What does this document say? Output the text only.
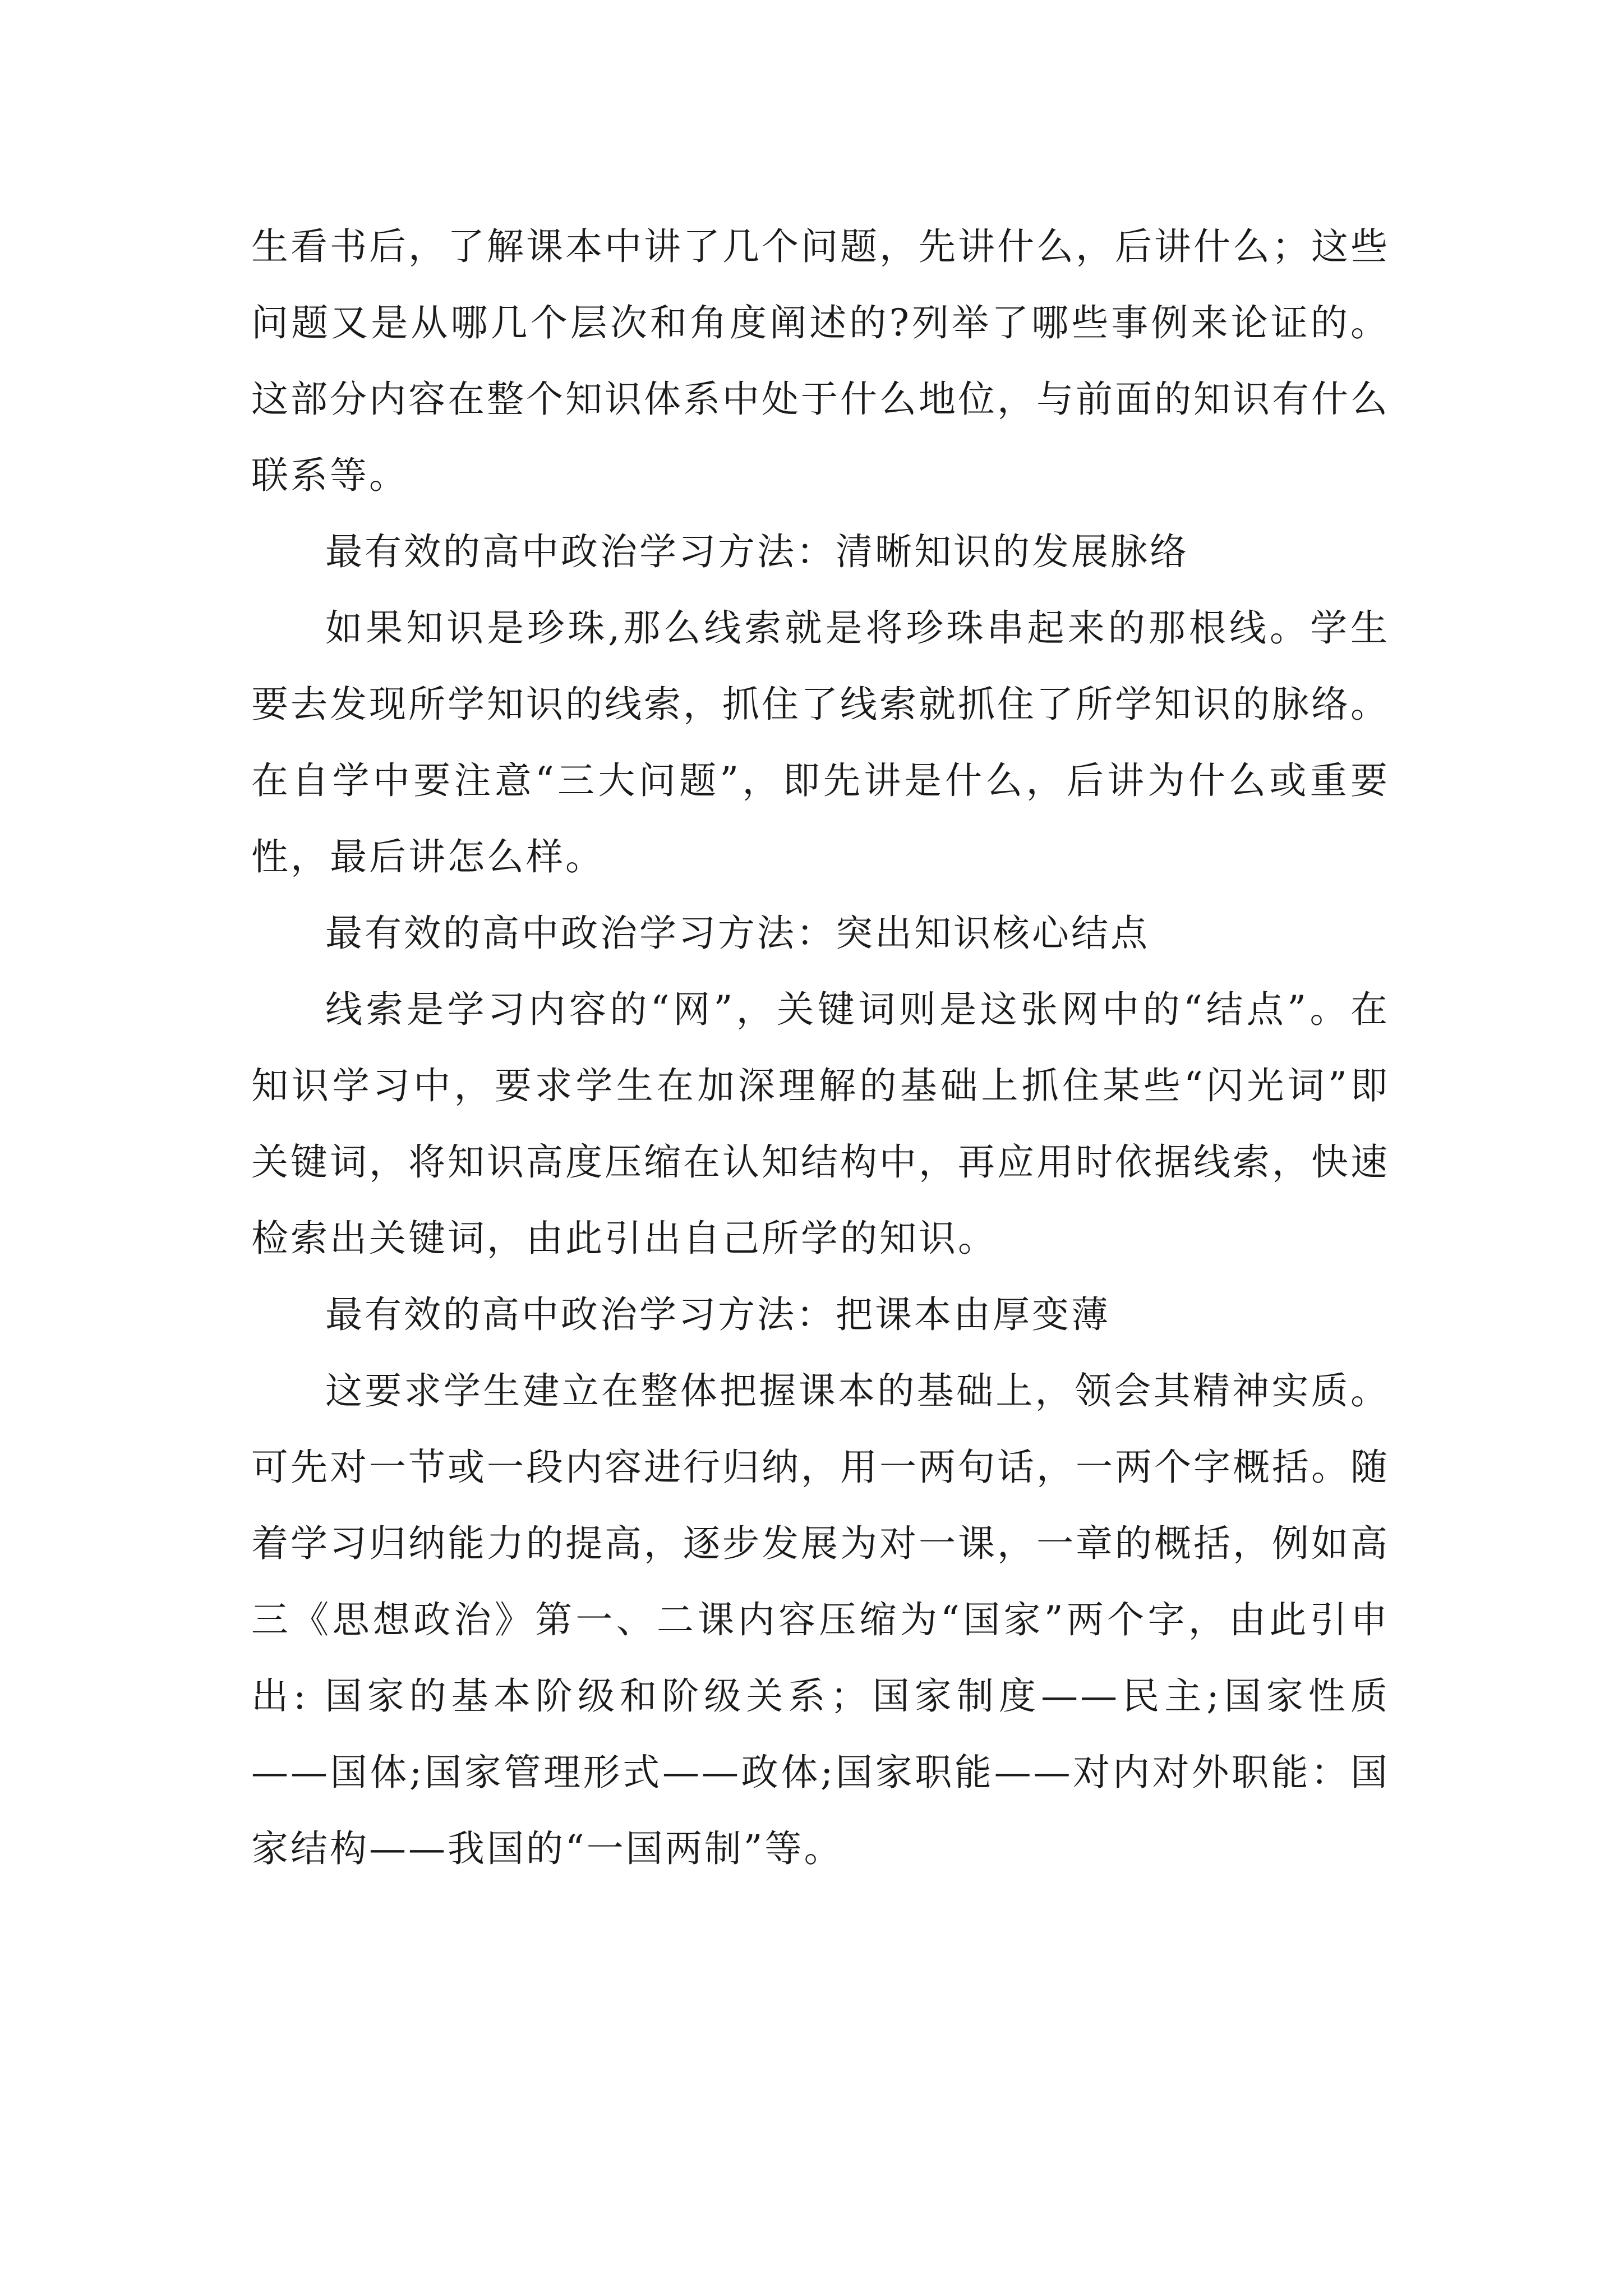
生看书后，了解课本中讲了几个问题，先讲什么，后讲什么；这些问题又是从哪几个层次和角度阐述的?列举了哪些事例来论证的。这部分内容在整个知识体系中处于什么地位，与前面的知识有什么联系等。

最有效的高中政治学习方法：清晰知识的发展脉络

如果知识是珍珠,那么线索就是将珍珠串起来的那根线。学生要去发现所学知识的线索，抓住了线索就抓住了所学知识的脉络。在自学中要注意“三大问题”，即先讲是什么，后讲为什么或重要性，最后讲怎么样。

最有效的高中政治学习方法：突出知识核心结点

线索是学习内容的“网”，关键词则是这张网中的“结点”。在知识学习中，要求学生在加深理解的基础上抓住某些“闪光词”即关键词，将知识高度压缩在认知结构中，再应用时依据线索，快速检索出关键词，由此引出自己所学的知识。

最有效的高中政治学习方法：把课本由厚变薄

这要求学生建立在整体把握课本的基础上，领会其精神实质。可先对一节或一段内容进行归纳，用一两句话，一两个字概括。随着学习归纳能力的提高，逐步发展为对一课，一章的概括，例如高三《思想政治》第一、二课内容压缩为“国家”两个字，由此引申出: 国家的基本阶级和阶级关系；国家制度——民主;国家性质——国体;国家管理形式——政体;国家职能——对内对外职能：国家结构——我国的“一国两制”等。
